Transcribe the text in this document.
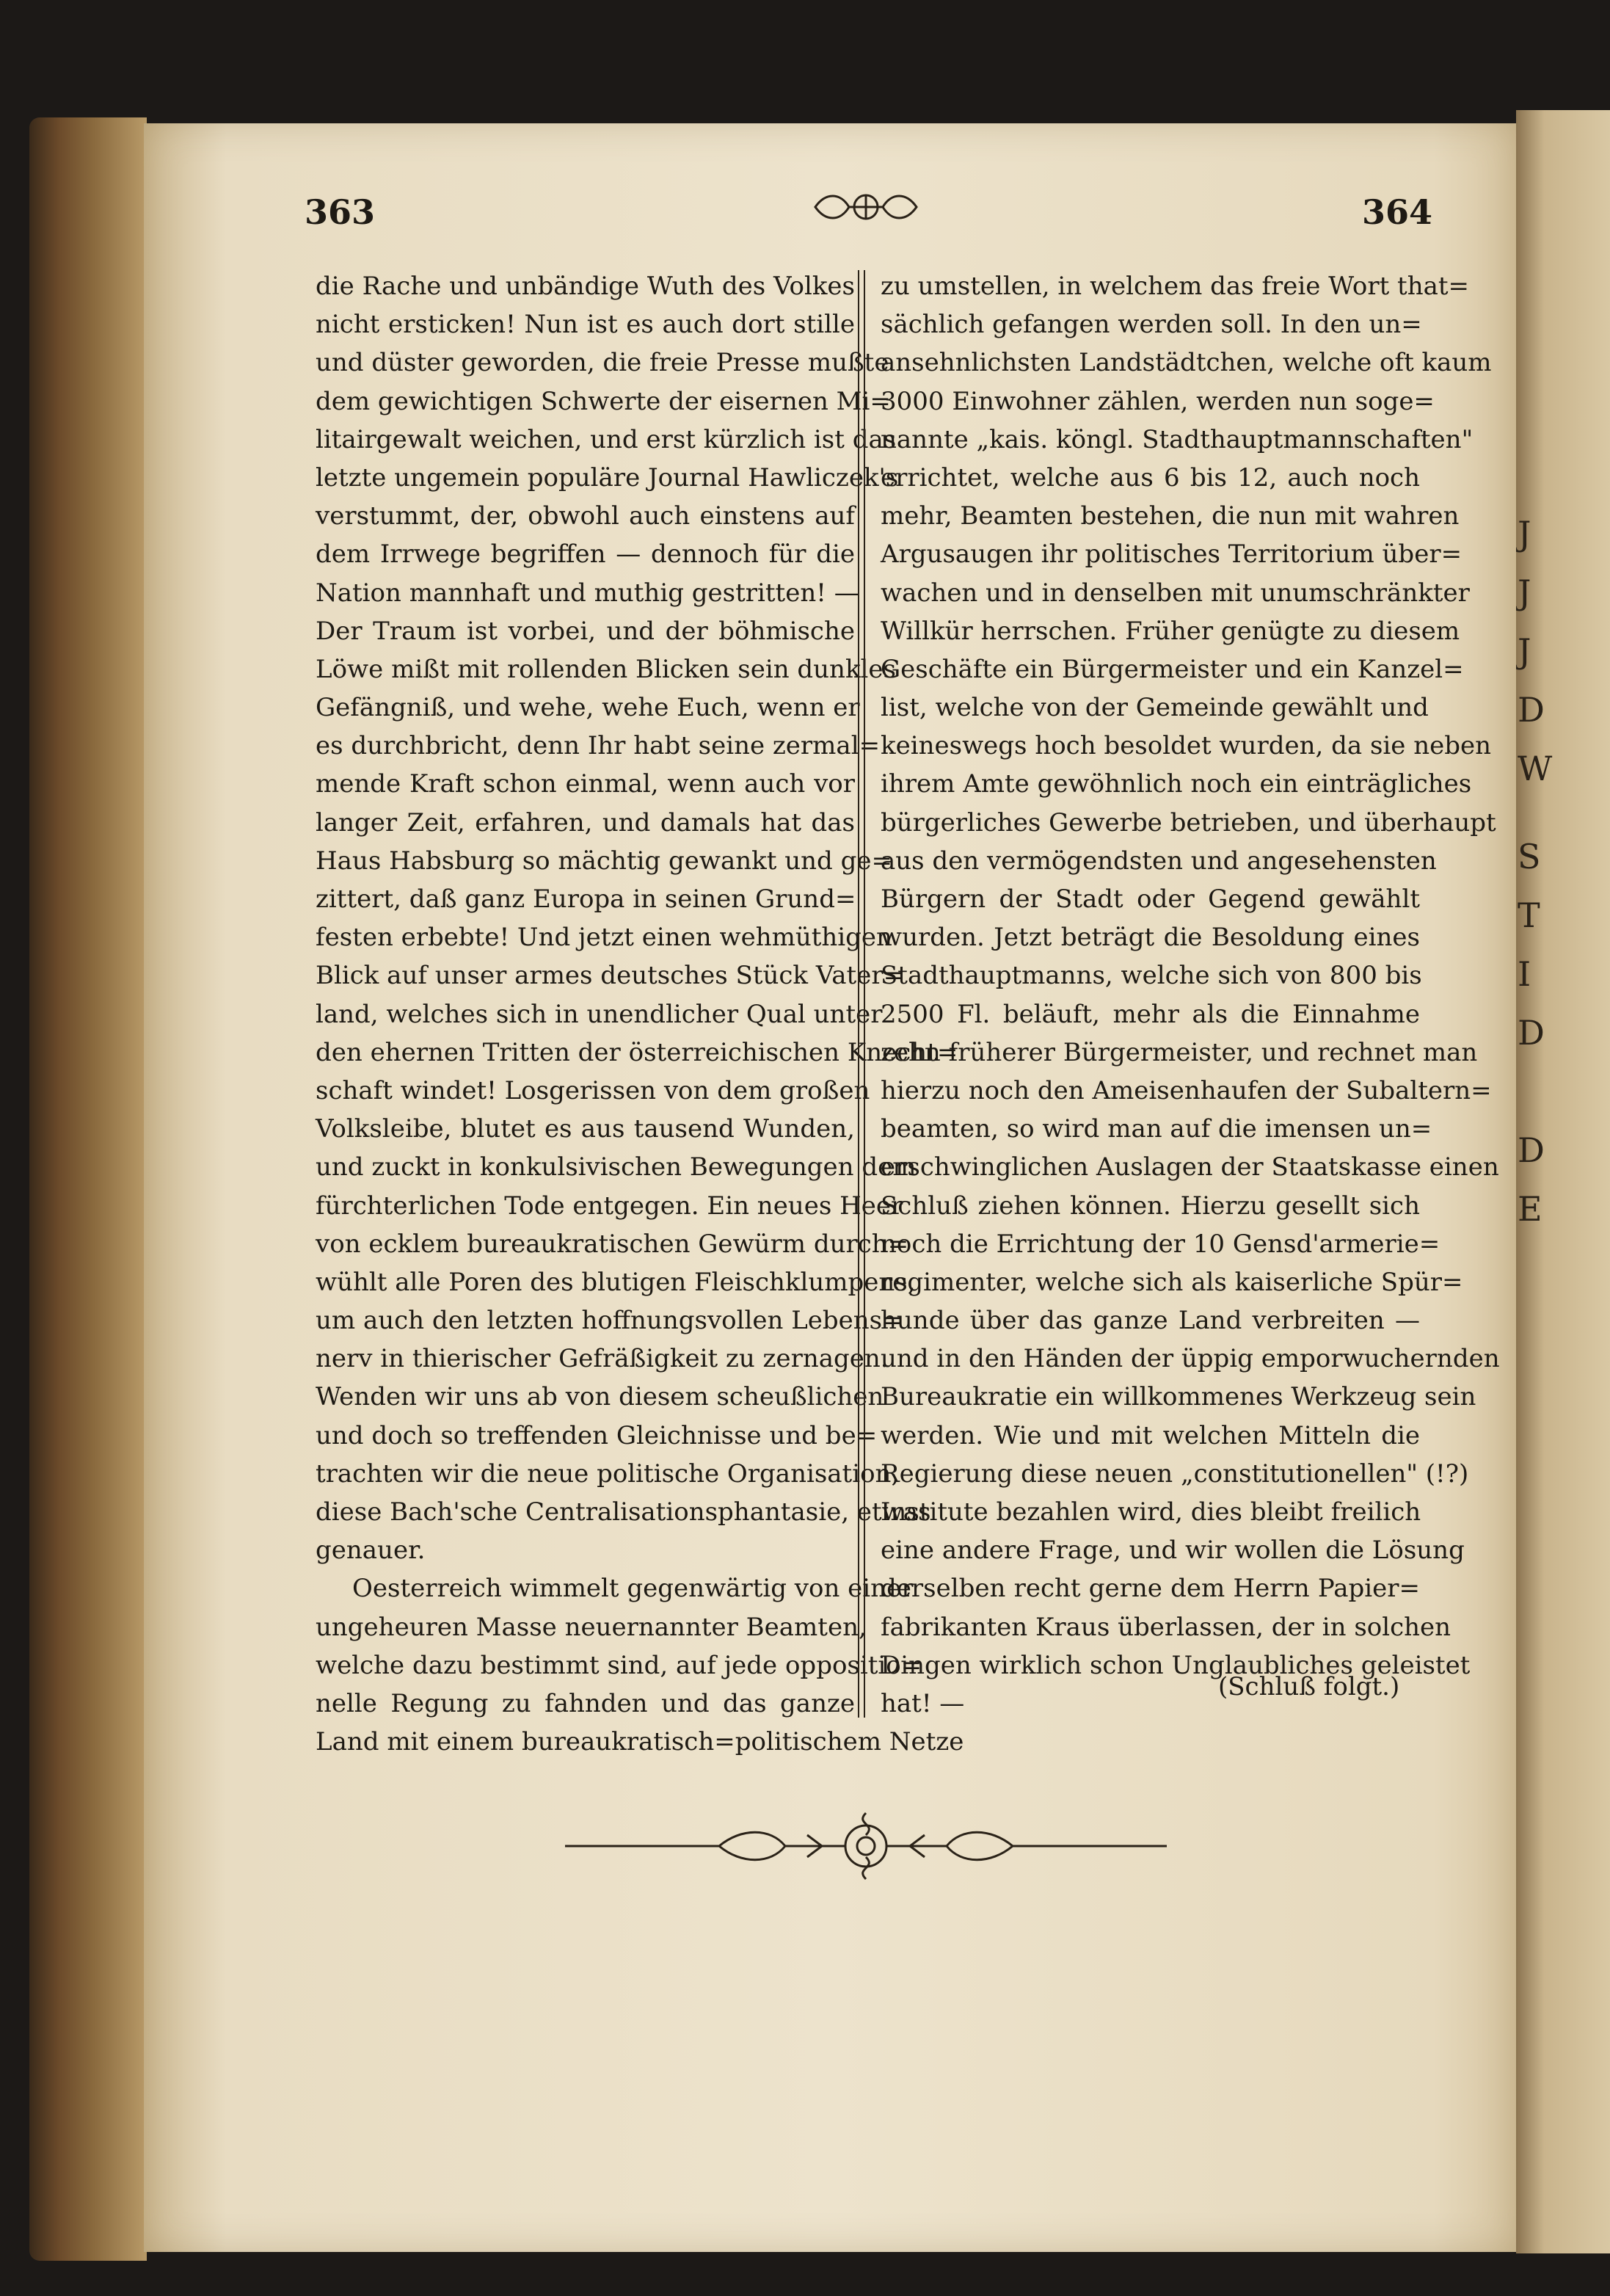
J
J
J
D
W
S
T
I
D
D
E
363	364
die Rache und unbändige Wuth des Volkes
nicht ersticken! Nun ist es auch dort stille
und düster geworden, die freie Presse mußte
dem gewichtigen Schwerte der eisernen Mi=
litairgewalt weichen, und erst kürzlich ist das
letzte ungemein populäre Journal Hawliczek's
verstummt, der, obwohl auch einstens auf
dem Irrwege begriffen — dennoch für die
Nation mannhaft und muthig gestritten! —
Der Traum ist vorbei, und der böhmische
Löwe mißt mit rollenden Blicken sein dunkles
Gefängniß, und wehe, wehe Euch, wenn er
es durchbricht, denn Ihr habt seine zermal=
mende Kraft schon einmal, wenn auch vor
langer Zeit, erfahren, und damals hat das
Haus Habsburg so mächtig gewankt und ge=
zittert, daß ganz Europa in seinen Grund=
festen erbebte! Und jetzt einen wehmüthigen
Blick auf unser armes deutsches Stück Vater=
land, welches sich in unendlicher Qual unter
den ehernen Tritten der österreichischen Knecht=
schaft windet! Losgerissen von dem großen
Volksleibe, blutet es aus tausend Wunden,
und zuckt in konkulsivischen Bewegungen dem
fürchterlichen Tode entgegen. Ein neues Heer
von ecklem bureaukratischen Gewürm durch=
wühlt alle Poren des blutigen Fleischklumpens,
um auch den letzten hoffnungsvollen Lebens=
nerv in thierischer Gefräßigkeit zu zernagen.
Wenden wir uns ab von diesem scheußlichen
und doch so treffenden Gleichnisse und be=
trachten wir die neue politische Organisation,
diese Bach'sche Centralisationsphantasie, etwas
genauer.
Oesterreich wimmelt gegenwärtig von einer
ungeheuren Masse neuernannter Beamten,
welche dazu bestimmt sind, auf jede oppositio=
nelle Regung zu fahnden und das ganze
Land mit einem bureaukratisch=politischem Netze
zu umstellen, in welchem das freie Wort that=
sächlich gefangen werden soll. In den un=
ansehnlichsten Landstädtchen, welche oft kaum
3000 Einwohner zählen, werden nun soge=
nannte „kais. köngl. Stadthauptmannschaften"
errichtet, welche aus 6 bis 12, auch noch
mehr, Beamten bestehen, die nun mit wahren
Argusaugen ihr politisches Territorium über=
wachen und in denselben mit unumschränkter
Willkür herrschen. Früher genügte zu diesem
Geschäfte ein Bürgermeister und ein Kanzel=
list, welche von der Gemeinde gewählt und
keineswegs hoch besoldet wurden, da sie neben
ihrem Amte gewöhnlich noch ein einträgliches
bürgerliches Gewerbe betrieben, und überhaupt
aus den vermögendsten und angesehensten
Bürgern der Stadt oder Gegend gewählt
wurden. Jetzt beträgt die Besoldung eines
Stadthauptmanns, welche sich von 800 bis
2500 Fl. beläuft, mehr als die Einnahme
zehn früherer Bürgermeister, und rechnet man
hierzu noch den Ameisenhaufen der Subaltern=
beamten, so wird man auf die imensen un=
erschwinglichen Auslagen der Staatskasse einen
Schluß ziehen können. Hierzu gesellt sich
noch die Errichtung der 10 Gensd'armerie=
regimenter, welche sich als kaiserliche Spür=
hunde über das ganze Land verbreiten —
und in den Händen der üppig emporwuchernden
Bureaukratie ein willkommenes Werkzeug sein
werden. Wie und mit welchen Mitteln die
Regierung diese neuen „constitutionellen" (!?)
Institute bezahlen wird, dies bleibt freilich
eine andere Frage, und wir wollen die Lösung
derselben recht gerne dem Herrn Papier=
fabrikanten Kraus überlassen, der in solchen
Dingen wirklich schon Unglaubliches geleistet
hat! —
(Schluß folgt.)
